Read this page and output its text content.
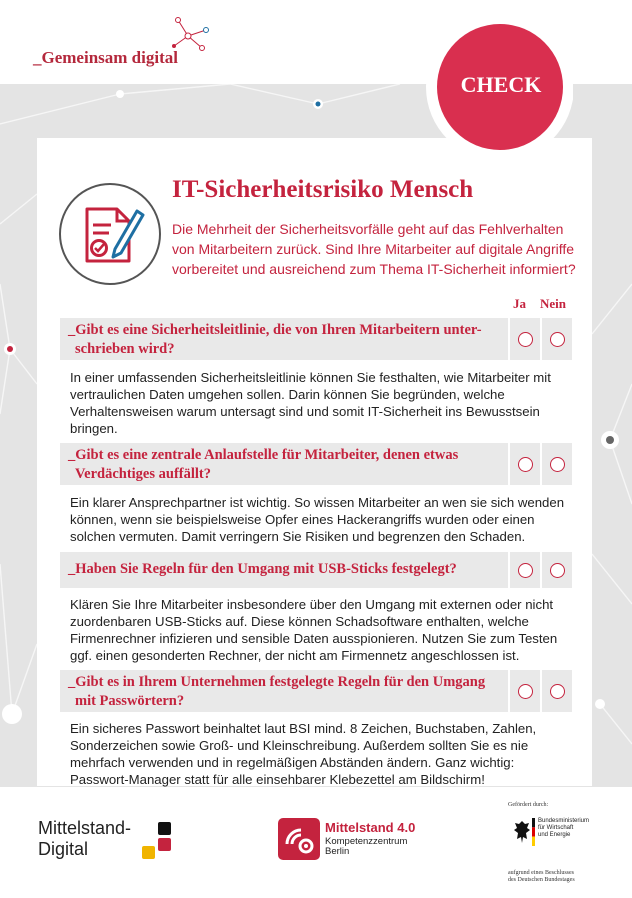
_Gemeinsam digital
CHECK
IT-Sicherheitsrisiko Mensch
Die Mehrheit der Sicherheitsvorfälle geht auf das Fehlverhalten von Mitarbeitern zurück. Sind Ihre Mitarbeiter auf digitale Angriffe vorbereitet und ausreichend zum Thema IT-Sicherheit informiert?
Ja Nein
_Gibt es eine Sicherheitsleitlinie, die von Ihren Mitarbeitern unter-
schrieben wird?
In einer umfassenden Sicherheitsleitlinie können Sie festhalten, wie Mitarbeiter mit vertraulichen Daten umgehen sollen. Darin können Sie begründen, welche Verhaltensweisen warum untersagt sind und somit IT-Sicherheit ins Bewusstsein bringen.
_Gibt es eine zentrale Anlaufstelle für Mitarbeiter, denen etwas
Verdächtiges auffällt?
Ein klarer Ansprechpartner ist wichtig. So wissen Mitarbeiter an wen sie sich wenden können, wenn sie beispielsweise Opfer eines Hackerangriffs wurden oder einen solchen vermuten. Damit verringern Sie Risiken und begrenzen den Schaden.
_Haben Sie Regeln für den Umgang mit USB-Sticks festgelegt?
Klären Sie Ihre Mitarbeiter insbesondere über den Umgang mit externen oder nicht zuordenbaren USB-Sticks auf. Diese können Schadsoftware enthalten, welche Firmenrechner infizieren und sensible Daten ausspionieren. Nutzen Sie zum Testen ggf. einen gesonderten Rechner, der nicht am Firmennetz angeschlossen ist.
_Gibt es in Ihrem Unternehmen festgelegte Regeln für den Umgang
mit Passwörtern?
Ein sicheres Passwort beinhaltet laut BSI mind. 8 Zeichen, Buchstaben, Zahlen, Sonderzeichen sowie Groß- und Kleinschreibung. Außerdem sollten Sie es nie mehrfach verwenden und in regelmäßigen Abständen ändern. Ganz wichtig: Passwort-Manager statt für alle einsehbarer Klebezettel am Bildschirm!
Mittelstand-
Digital
Mittelstand 4.0
Kompetenzzentrum
Berlin
Gefördert durch:
Bundesministerium
für Wirtschaft
und Energie
aufgrund eines Beschlusses
des Deutschen Bundestages
